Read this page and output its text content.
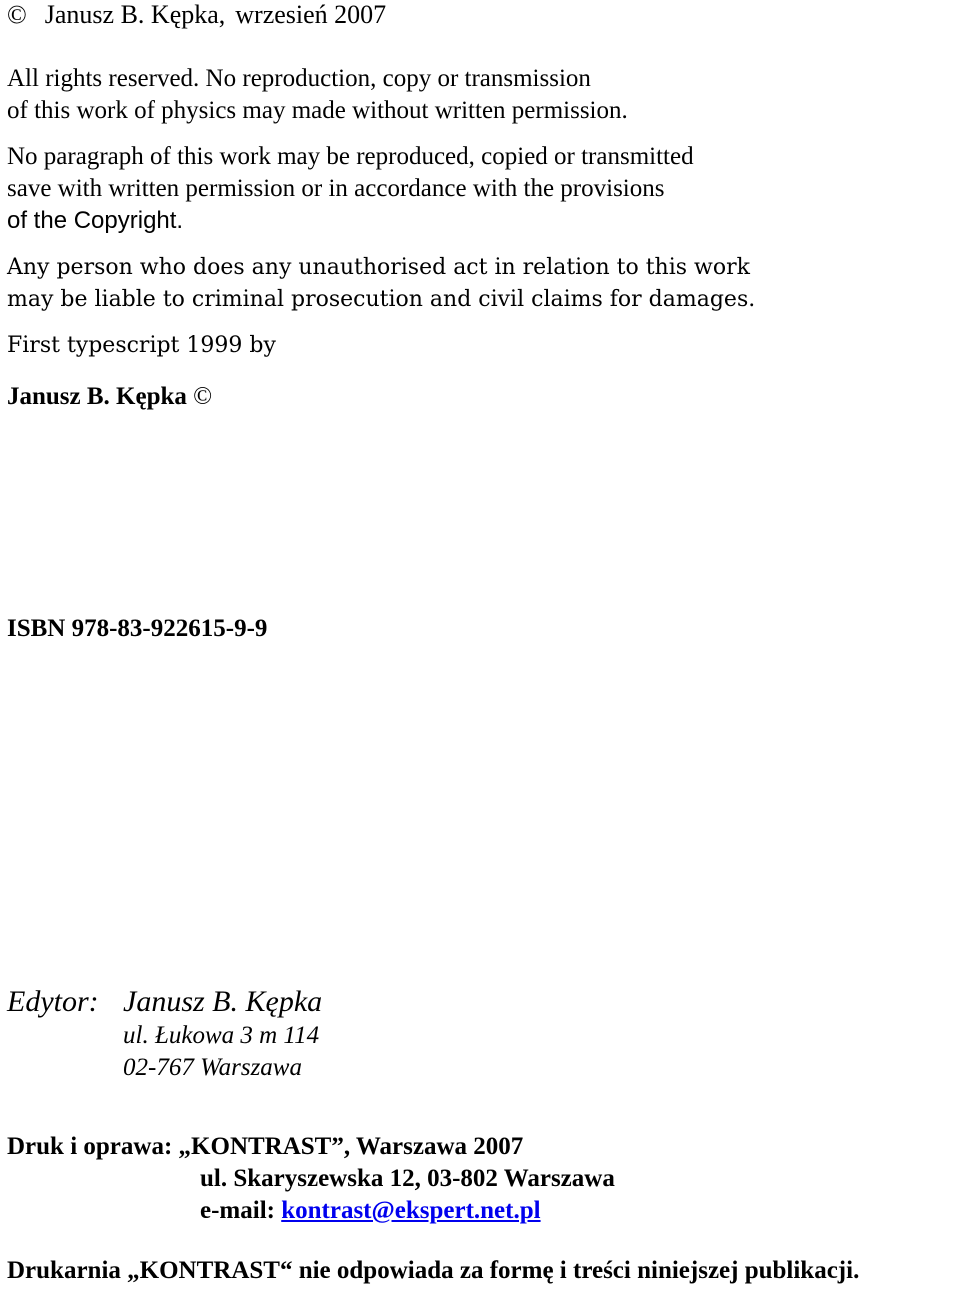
© Janusz B. Kępka, wrzesień 2007
All rights reserved. No reproduction, copy or transmission
of this work of physics may made without written permission.
No paragraph of this work may be reproduced, copied or transmitted
save with written permission or in accordance with the provisions
of the Copyright.
Any person who does any unauthorised act in relation to this work
may be liable to criminal prosecution and civil claims for damages.
First typescript 1999 by
Janusz B. Kępka ©
ISBN 978-83-922615-9-9
Edytor: Janusz B. Kępka
ul. Łukowa 3 m 114
02-767 Warszawa
Druk i oprawa: „KONTRAST”, Warszawa 2007
ul. Skaryszewska 12, 03-802 Warszawa
e-mail: kontrast@ekspert.net.pl
Drukarnia „KONTRAST“ nie odpowiada za formę i treści niniejszej publikacji.
